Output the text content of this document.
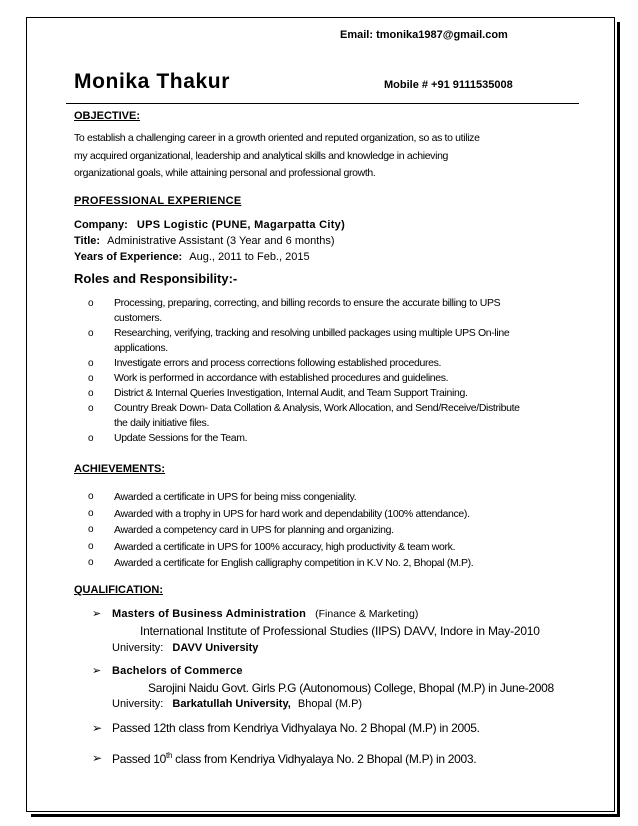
Email: tmonika1987@gmail.com
Monika Thakur	Mobile # +91 9111535008
OBJECTIVE:
To establish a challenging career in a growth oriented and reputed organization, so as to utilize
my acquired organizational, leadership and analytical skills and knowledge in achieving
organizational goals, while attaining personal and professional growth.
PROFESSIONAL EXPERIENCE
Company: UPS Logistic (PUNE, Magarpatta City)
Title: Administrative Assistant (3 Year and 6 months)
Years of Experience: Aug., 2011 to Feb., 2015
Roles and Responsibility:-
o Processing, preparing, correcting, and billing records to ensure the accurate billing to UPS
customers.
o Researching, verifying, tracking and resolving unbilled packages using multiple UPS On-line
applications.
o Investigate errors and process corrections following established procedures.
o Work is performed in accordance with established procedures and guidelines.
o District & Internal Queries Investigation, Internal Audit, and Team Support Training.
o Country Break Down- Data Collation & Analysis, Work Allocation, and Send/Receive/Distribute
the daily initiative files.
o Update Sessions for the Team.
ACHIEVEMENTS:
o Awarded a certificate in UPS for being miss congeniality.
o Awarded with a trophy in UPS for hard work and dependability (100% attendance).
o Awarded a competency card in UPS for planning and organizing.
o Awarded a certificate in UPS for 100% accuracy, high productivity & team work.
o Awarded a certificate for English calligraphy competition in K.V No. 2, Bhopal (M.P).
QUALIFICATION:
➢ Masters of Business Administration (Finance & Marketing)
International Institute of Professional Studies (IIPS) DAVV, Indore in May-2010
University: DAVV University
➢ Bachelors of Commerce
Sarojini Naidu Govt. Girls P.G (Autonomous) College, Bhopal (M.P) in June-2008
University: Barkatullah University, Bhopal (M.P)
➢ Passed 12th class from Kendriya Vidhyalaya No. 2 Bhopal (M.P) in 2005.
➢ Passed 10th class from Kendriya Vidhyalaya No. 2 Bhopal (M.P) in 2003.
